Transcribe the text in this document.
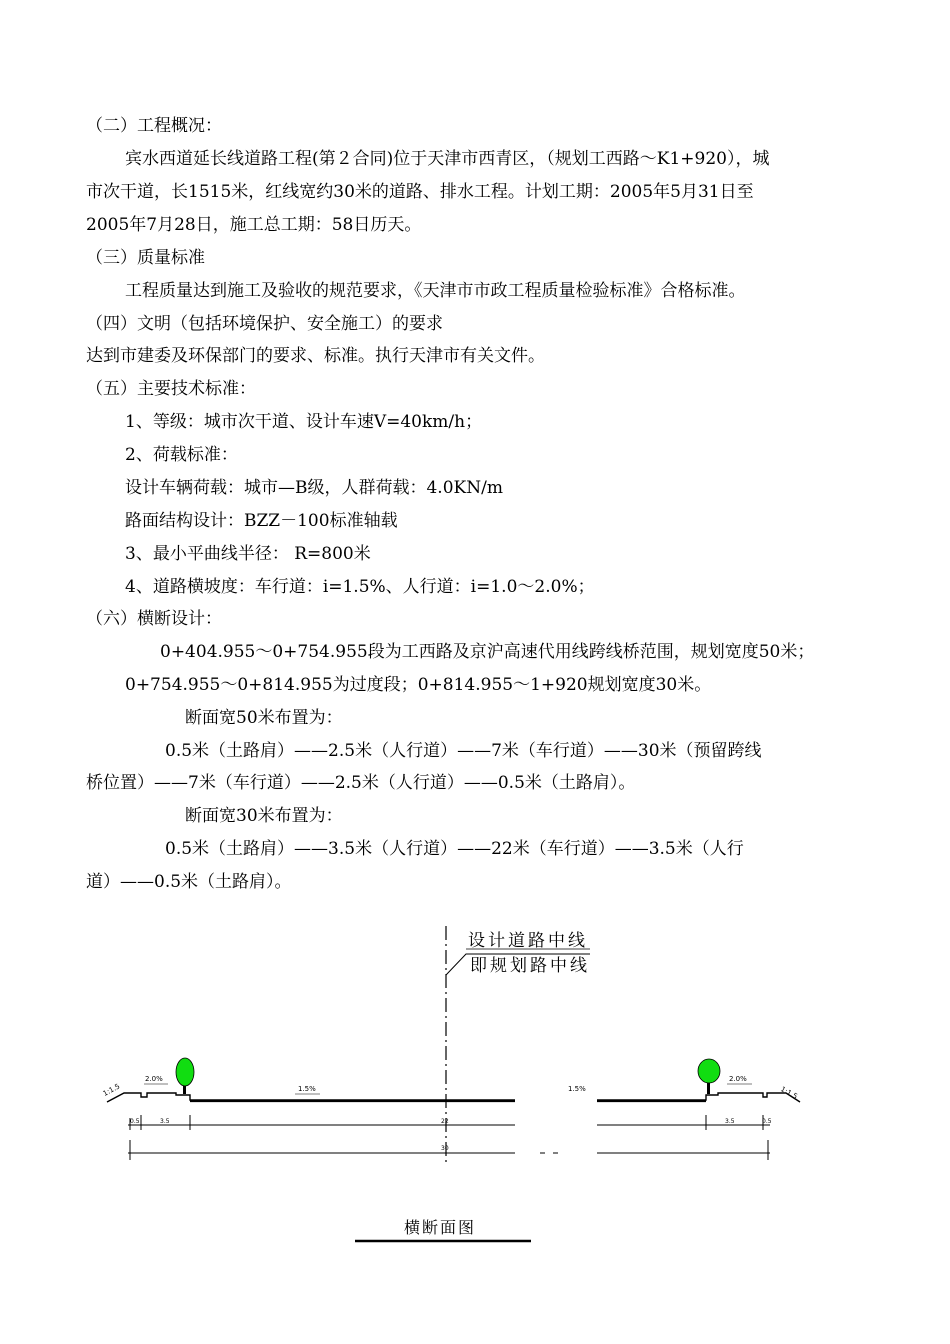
（二）工程概况：
宾水西道延长线道路工程(第２合同)位于天津市西青区，（规划工西路～K1+920），城
市次干道，长1515米，红线宽约30米的道路、排水工程。计划工期：2005年5月31日至
2005年7月28日，施工总工期：58日历天。
（三）质量标准
工程质量达到施工及验收的规范要求，《天津市市政工程质量检验标准》合格标准。
（四）文明（包括环境保护、安全施工）的要求
达到市建委及环保部门的要求、标准。执行天津市有关文件。
（五）主要技术标准：
1、等级：城市次干道、设计车速V=40km/h；
2、荷载标准：
设计车辆荷载：城市—B级，人群荷载：4.0KN/m
路面结构设计：BZZ－100标准轴载
3、最小平曲线半径： R=800米
4、道路横坡度：车行道：i=1.5%、人行道：i=1.0～2.0%；
（六）横断设计：
0+404.955～0+754.955段为工西路及京沪高速代用线跨线桥范围，规划宽度50米；
0+754.955～0+814.955为过度段；0+814.955～1+920规划宽度30米。
断面宽50米布置为：
0.5米（土路肩）——2.5米（人行道）——7米（车行道）——30米（预留跨线
桥位置）——7米（车行道）——2.5米（人行道）——0.5米（土路肩）。
断面宽30米布置为：
0.5米（土路肩）——3.5米（人行道）——22米（车行道）——3.5米（人行
道）——0.5米（土路肩）。
设计道路中线
即规划路中线
1:1.5	1:1.5
2.0%	2.0%
1.5%	1.5%
0.5	3.5	22	3.5	0.5
30
横断面图
